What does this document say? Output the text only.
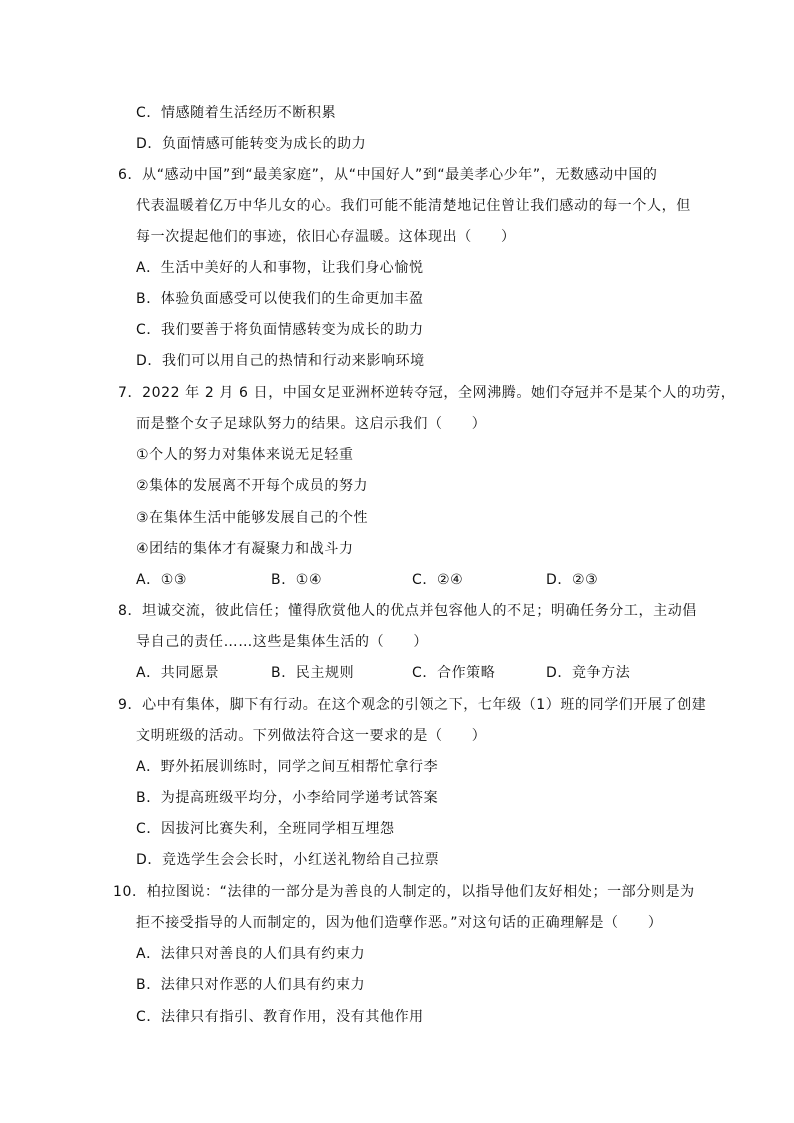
C．情感随着生活经历不断积累
D．负面情感可能转变为成长的助力
6．从“感动中国”到“最美家庭”，从“中国好人”到“最美孝心少年”，无数感动中国的
代表温暖着亿万中华儿女的心。我们可能不能清楚地记住曾让我们感动的每一个人，但
每一次提起他们的事迹，依旧心存温暖。这体现出（　　）
A．生活中美好的人和事物，让我们身心愉悦
B．体验负面感受可以使我们的生命更加丰盈
C．我们要善于将负面情感转变为成长的助力
D．我们可以用自己的热情和行动来影响环境
7．2022 年 2 月 6 日，中国女足亚洲杯逆转夺冠，全网沸腾。她们夺冠并不是某个人的功劳，
而是整个女子足球队努力的结果。这启示我们（　　）
①个人的努力对集体来说无足轻重
②集体的发展离不开每个成员的努力
③在集体生活中能够发展自己的个性
④团结的集体才有凝聚力和战斗力
A．①③	B．①④	C．②④	D．②③
8．坦诚交流，彼此信任；懂得欣赏他人的优点并包容他人的不足；明确任务分工，主动倡
导自己的责任……这些是集体生活的（　　）
A．共同愿景	B．民主规则	C．合作策略	D．竞争方法
9．心中有集体，脚下有行动。在这个观念的引领之下，七年级（1）班的同学们开展了创建
文明班级的活动。下列做法符合这一要求的是（　　）
A．野外拓展训练时，同学之间互相帮忙拿行李
B．为提高班级平均分，小李给同学递考试答案
C．因拔河比赛失利，全班同学相互埋怨
D．竞选学生会会长时，小红送礼物给自己拉票
10．柏拉图说：“法律的一部分是为善良的人制定的，以指导他们友好相处；一部分则是为
拒不接受指导的人而制定的，因为他们造孽作恶。”对这句话的正确理解是（　　）
A．法律只对善良的人们具有约束力
B．法律只对作恶的人们具有约束力
C．法律只有指引、教育作用，没有其他作用
